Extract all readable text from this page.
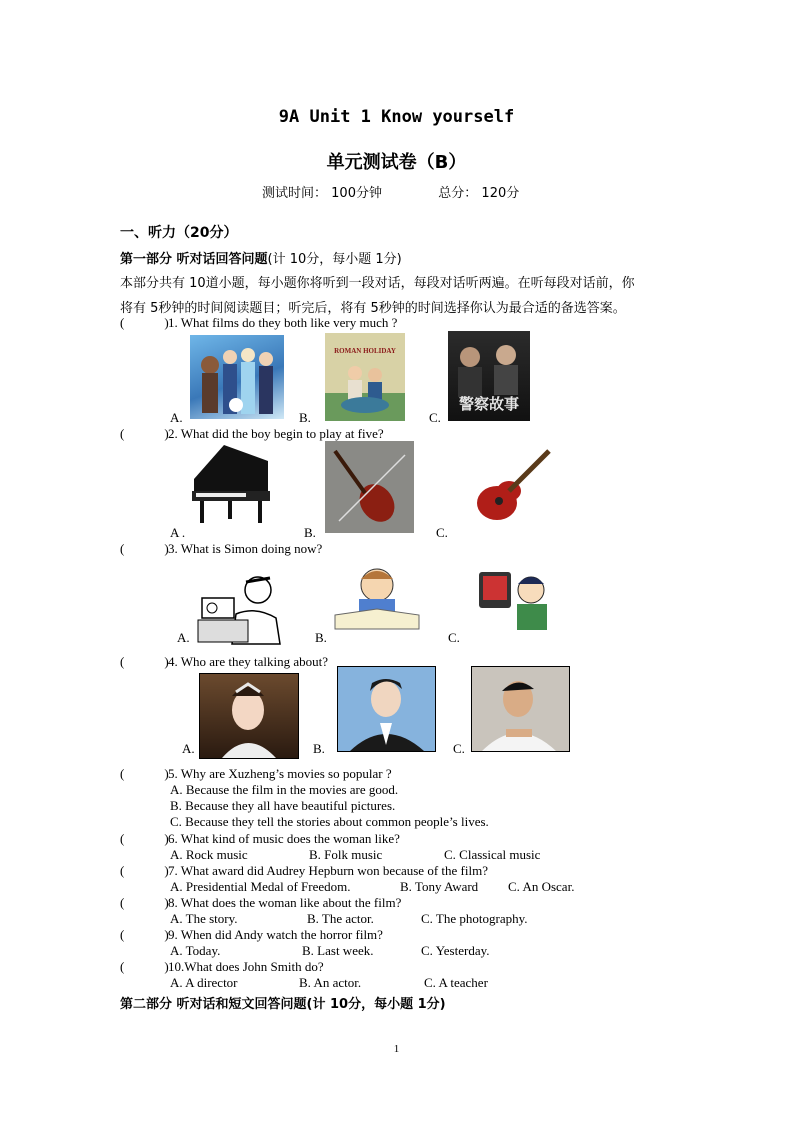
9A Unit 1 Know yourself
单元测试卷（B）
测试时间： 100分钟	总分： 120分
一、听力（20分）
第一部分 听对话回答问题(计 10分，每小题 1分)
本部分共有 10道小题，每小题你将听到一段对话，每段对话听两遍。在听每段对话前，你
将有 5秒钟的时间阅读题目；听完后，将有 5秒钟的时间选择你认为最合适的备选答案。
(	)1. What films do they both like very much ?
A.	B.
ROMAN HOLIDAY
C.
警察故事
(	)2. What did the boy begin to play at five?
A .	B.	C.
(	)3. What is Simon doing now?
A.	B.	C.
(	)4. Who are they talking about?
A.	B.	C.
(	)5. Why are Xuzheng’s movies so popular ?
A. Because the film in the movies are good.
B. Because they all have beautiful pictures.
C. Because they tell the stories about common people’s lives.
(	)6. What kind of music does the woman like?
A. Rock music	B. Folk music	C. Classical music
(	)7. What award did Audrey Hepburn won because of the film?
A. Presidential Medal of Freedom.	B. Tony Award C. An Oscar.
(	)8. What does the woman like about the film?
A. The story.	B. The actor.	C. The photography.
(	)9. When did Andy watch the horror film?
A. Today.	B. Last week.	C. Yesterday.
(	)10.What does John Smith do?
A. A director	B. An actor.	C. A teacher
第二部分 听对话和短文回答问题(计 10分，每小题 1分)
1
